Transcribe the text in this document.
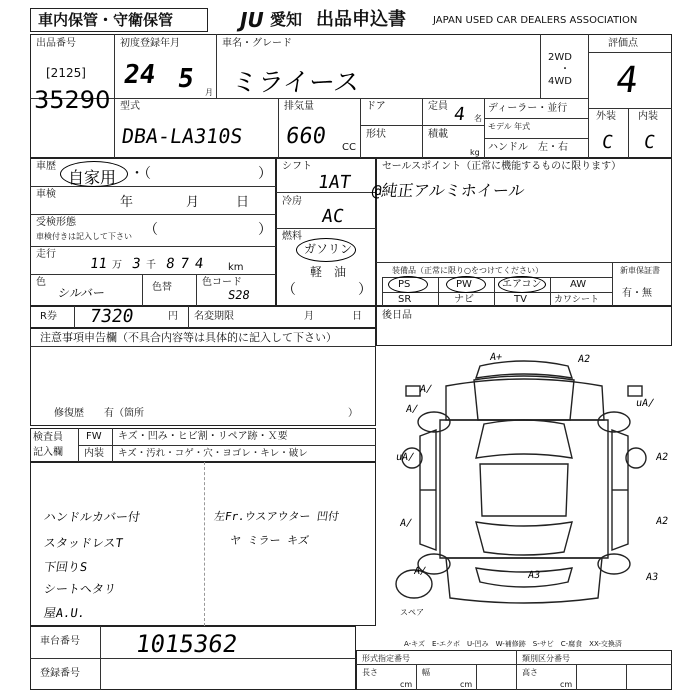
車内保管・守衛保管	JU 愛知 出品申込書	JAPAN USED CAR DEALERS ASSOCIATION
出品番号
[2125]
35290
初度登録年月
24 5 月
車名・グレード
ミライース
2WD
・
4WD
評価点
4
外装 内装
C C
型式
DBA-LA310S
排気量
660 CC
ドア
形状
定員 4 名
積載
kg
ディーラー・並行
モデル 年式
ハンドル　左・右
車歴
自家用 ・（	）
車検
年	月	日
受検形態
車検付きは記入して下さい （	）
走行
11 万 3 千 874 km
色
シルバー	色替	色コード
S28
シフト
1AT
冷房
AC
燃料
ガソリン
軽　油
（	）
セールスポイント（正常に機能するものに限ります）
@純正アルミホイール
装備品（正常に限り○をつけてください）
PS	PW	エアコン	AW
SR	ナビ	TV	カワシート
新車保証書
有・無
R券 7320	円 名変期限	月	日 後日品
注意事項申告欄（不具合内容等は具体的に記入して下さい）
修復歴　　有（箇所	）
検査員
記入欄
FW キズ・凹み・ヒビ割・リペア跡・Ｘ要
内装 キズ・汚れ・コゲ・穴・ヨゴレ・キレ・破レ
ハンドルカバー付
スタッドレスT
下回りS
シートヘタリ
屋A.U.
左Fr.ウスアウター 凹付
ヤ ミラー キズ
車台番号 1015362
登録番号
A+	A2
A/
A/
uA/
uA/	A2
A/	A2
A3
A/
A3
スペア
A-キズ　E-エクボ　U-凹み　W-補修跡　S-サビ　C-腐食　XX-交換済
形式指定番号	類別区分番号
長さ	幅	高さ
cm	cm	cm
